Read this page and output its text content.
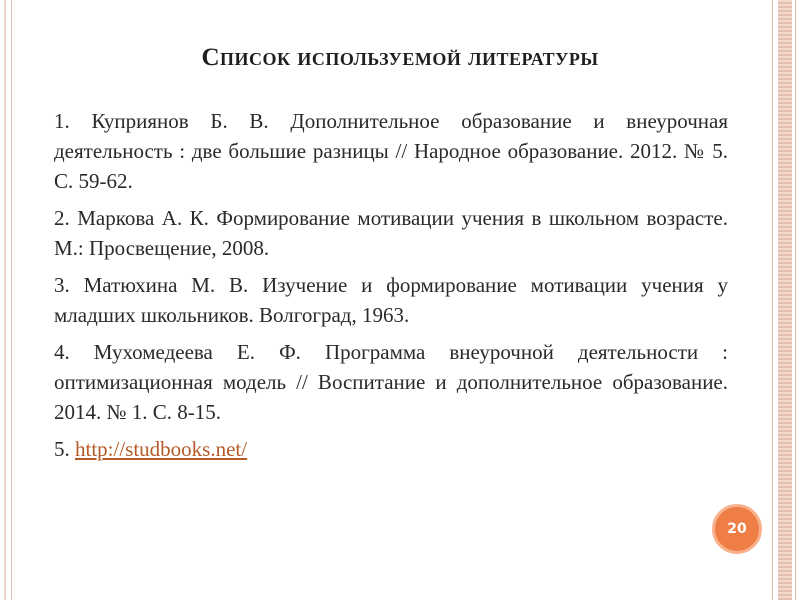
Список используемой литературы

1. Куприянов Б. В. Дополнительное образование и внеурочная деятельность : две большие разницы // Народное образование. 2012. № 5. С. 59-62.

2. Маркова А. К. Формирование мотивации учения в школьном возрасте. М.: Просвещение, 2008.

3. Матюхина М. В. Изучение и формирование мотивации учения у младших школьников. Волгоград, 1963.

4. Мухомедеева Е. Ф. Программа внеурочной деятельности : оптимизационная модель // Воспитание и дополнительное образование. 2014. № 1. С. 8-15.

5. http://studbooks.net/

20
